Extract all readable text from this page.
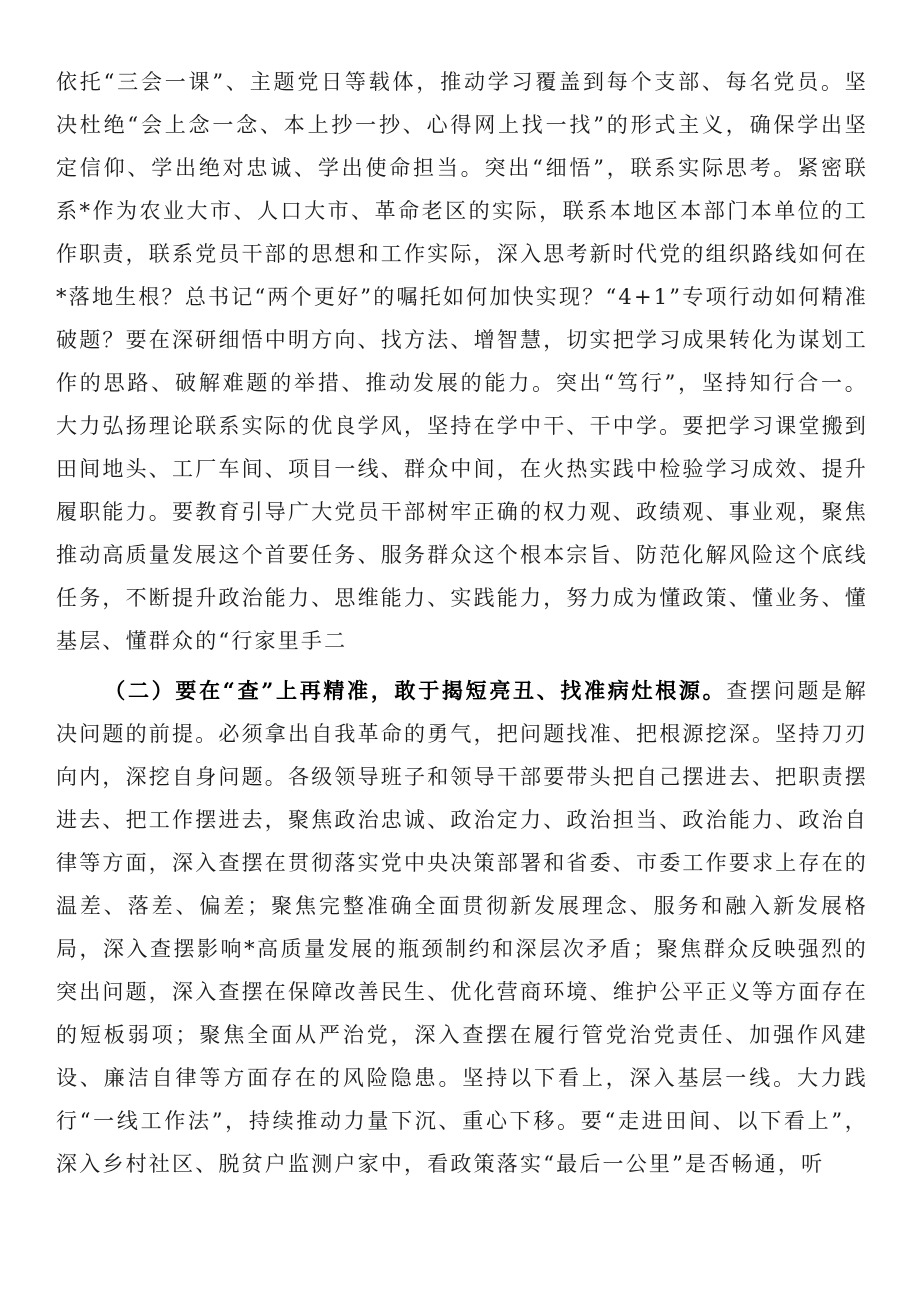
依托“三会一课”、主题党日等载体，推动学习覆盖到每个支部、每名党员。坚决杜绝“会上念一念、本上抄一抄、心得网上找一找”的形式主义，确保学出坚定信仰、学出绝对忠诚、学出使命担当。突出“细悟”，联系实际思考。紧密联系*作为农业大市、人口大市、革命老区的实际，联系本地区本部门本单位的工作职责，联系党员干部的思想和工作实际，深入思考新时代党的组织路线如何在*落地生根？总书记“两个更好”的嘱托如何加快实现？“4+1”专项行动如何精准破题？要在深研细悟中明方向、找方法、增智慧，切实把学习成果转化为谋划工作的思路、破解难题的举措、推动发展的能力。突出“笃行”，坚持知行合一。大力弘扬理论联系实际的优良学风，坚持在学中干、干中学。要把学习课堂搬到田间地头、工厂车间、项目一线、群众中间，在火热实践中检验学习成效、提升履职能力。要教育引导广大党员干部树牢正确的权力观、政绩观、事业观，聚焦推动高质量发展这个首要任务、服务群众这个根本宗旨、防范化解风险这个底线任务，不断提升政治能力、思维能力、实践能力，努力成为懂政策、懂业务、懂基层、懂群众的“行家里手二

（二）要在“查”上再精准，敢于揭短亮丑、找准病灶根源。查摆问题是解决问题的前提。必须拿出自我革命的勇气，把问题找准、把根源挖深。坚持刀刃向内，深挖自身问题。各级领导班子和领导干部要带头把自己摆进去、把职责摆进去、把工作摆进去，聚焦政治忠诚、政治定力、政治担当、政治能力、政治自律等方面，深入查摆在贯彻落实党中央决策部署和省委、市委工作要求上存在的温差、落差、偏差；聚焦完整准确全面贯彻新发展理念、服务和融入新发展格局，深入查摆影响*高质量发展的瓶颈制约和深层次矛盾；聚焦群众反映强烈的突出问题，深入查摆在保障改善民生、优化营商环境、维护公平正义等方面存在的短板弱项；聚焦全面从严治党，深入查摆在履行管党治党责任、加强作风建设、廉洁自律等方面存在的风险隐患。坚持以下看上，深入基层一线。大力践行“一线工作法”，持续推动力量下沉、重心下移。要“走进田间、以下看上”，深入乡村社区、脱贫户监测户家中，看政策落实“最后一公里”是否畅通，听
